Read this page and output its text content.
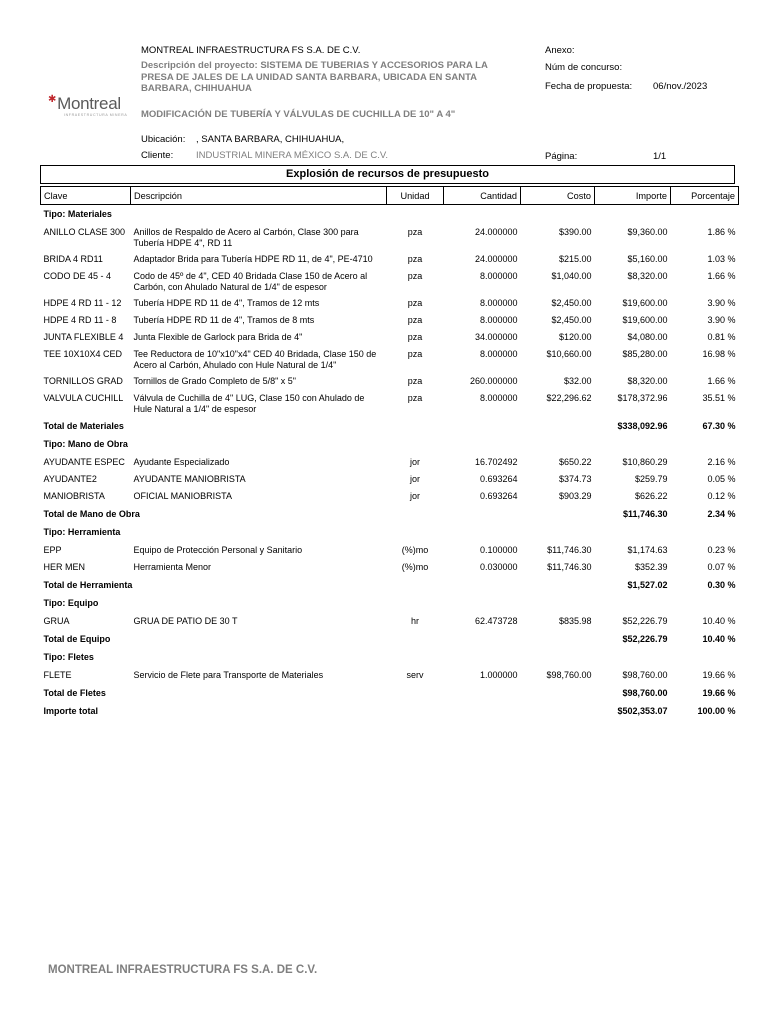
MONTREAL INFRAESTRUCTURA FS S.A. DE C.V.
Descripción del proyecto: SISTEMA DE TUBERIAS Y ACCESORIOS PARA LA PRESA DE JALES DE LA UNIDAD SANTA BARBARA, UBICADA EN SANTA BARBARA, CHIHUAHUA
✱Montreal
INFRAESTRUCTURA MINERA	MODIFICACIÓN DE TUBERÍA Y VÁLVULAS DE CUCHILLA DE 10" A 4"
Ubicación: , SANTA BARBARA, CHIHUAHUA,
Cliente: INDUSTRIAL MINERA MÉXICO S.A. DE C.V.
Anexo:
Núm de concurso:
Fecha de propuesta: 06/nov./2023
Página:	1/1
Explosión de recursos de presupuesto
Clave	Descripción	Unidad	Cantidad	Costo	Importe	Porcentaje
Tipo: Materiales						
ANILLO CLASE 300	Anillos de Respaldo de Acero al Carbón, Clase 300 para Tubería HDPE 4", RD 11	pza	24.000000	$390.00	$9,360.00	1.86 %
BRIDA 4 RD11	Adaptador Brida para Tubería HDPE RD 11, de 4", PE-4710	pza	24.000000	$215.00	$5,160.00	1.03 %
CODO DE 45 - 4	Codo de 45º de 4", CED 40 Bridada Clase 150 de Acero al Carbón, con Ahulado Natural de 1/4" de espesor	pza	8.000000	$1,040.00	$8,320.00	1.66 %
HDPE 4 RD 11 - 12	Tubería HDPE RD 11 de 4", Tramos de 12 mts	pza	8.000000	$2,450.00	$19,600.00	3.90 %
HDPE 4 RD 11 - 8	Tubería HDPE RD 11 de 4", Tramos de 8 mts	pza	8.000000	$2,450.00	$19,600.00	3.90 %
JUNTA FLEXIBLE 4	Junta Flexible de Garlock para Brida de 4"	pza	34.000000	$120.00	$4,080.00	0.81 %
TEE 10X10X4 CED	Tee Reductora de 10"x10"x4" CED 40 Bridada, Clase 150 de Acero al Carbón, Ahulado con Hule Natural de 1/4"	pza	8.000000	$10,660.00	$85,280.00	16.98 %
TORNILLOS GRAD	Tornillos de Grado Completo de 5/8" x 5"	pza	260.000000	$32.00	$8,320.00	1.66 %
VALVULA CUCHILL	Válvula de Cuchilla de 4" LUG, Clase 150 con Ahulado de Hule Natural a 1/4" de espesor	pza	8.000000	$22,296.62	$178,372.96	35.51 %
Total de Materiales					$338,092.96	67.30 %
Tipo: Mano de Obra						
AYUDANTE ESPEC	Ayudante Especializado	jor	16.702492	$650.22	$10,860.29	2.16 %
AYUDANTE2	AYUDANTE MANIOBRISTA	jor	0.693264	$374.73	$259.79	0.05 %
MANIOBRISTA	OFICIAL MANIOBRISTA	jor	0.693264	$903.29	$626.22	0.12 %
Total de Mano de Obra					$11,746.30	2.34 %
Tipo: Herramienta						
EPP	Equipo de Protección Personal y Sanitario	(%)mo	0.100000	$11,746.30	$1,174.63	0.23 %
HER MEN	Herramienta Menor	(%)mo	0.030000	$11,746.30	$352.39	0.07 %
Total de Herramienta					$1,527.02	0.30 %
Tipo: Equipo						
GRUA	GRUA DE PATIO DE 30 T	hr	62.473728	$835.98	$52,226.79	10.40 %
Total de Equipo					$52,226.79	10.40 %
Tipo: Fletes						
FLETE	Servicio de Flete para Transporte de Materiales	serv	1.000000	$98,760.00	$98,760.00	19.66 %
Total de Fletes					$98,760.00	19.66 %
Importe total					$502,353.07	100.00 %
MONTREAL INFRAESTRUCTURA FS S.A. DE C.V.
